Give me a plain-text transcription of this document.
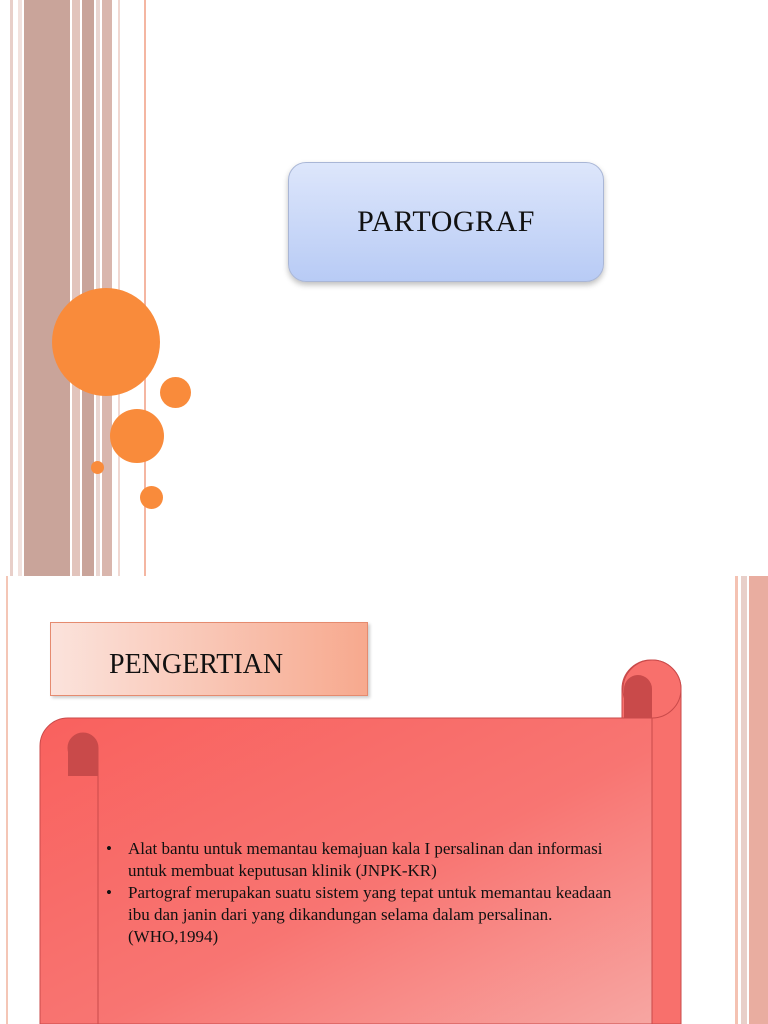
PARTOGRAF
PENGERTIAN
• Alat bantu untuk memantau kemajuan kala I persalinan dan informasi untuk membuat keputusan klinik (JNPK-KR)
• Partograf merupakan suatu sistem yang tepat untuk memantau keadaan ibu dan janin dari yang dikandungan selama dalam persalinan. (WHO,1994)
